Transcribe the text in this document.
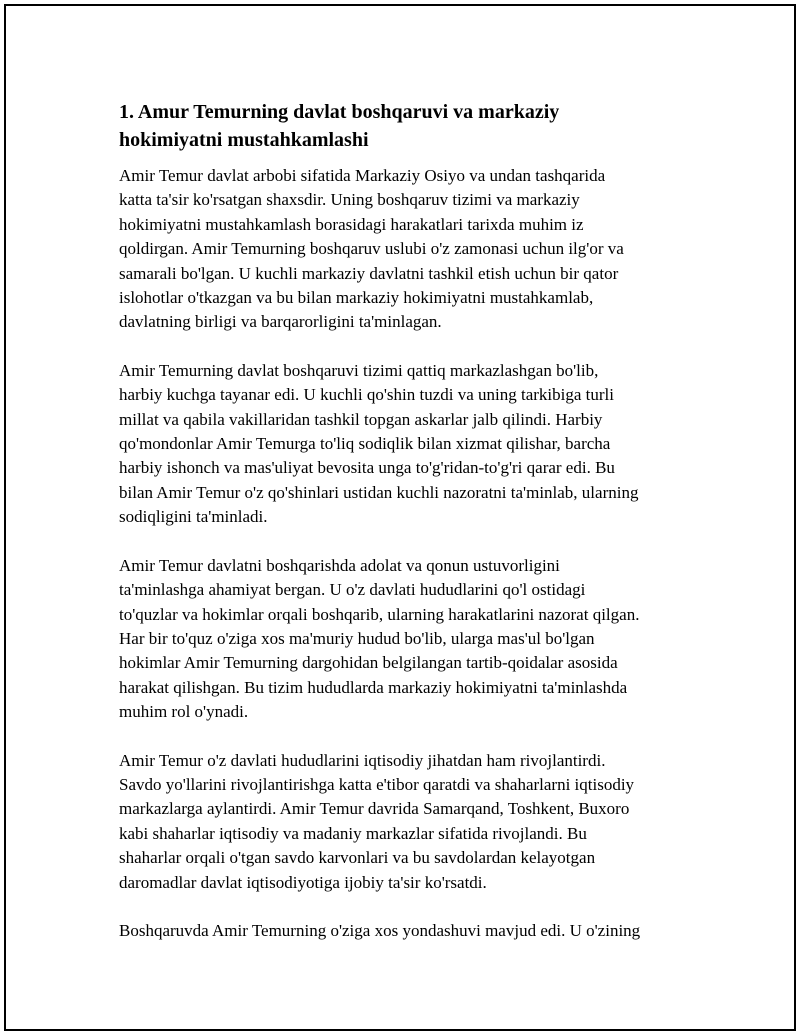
1. Amur Temurning davlat boshqaruvi va markaziy
hokimiyatni mustahkamlashi

Amir Temur davlat arbobi sifatida Markaziy Osiyo va undan tashqarida
katta ta'sir ko'rsatgan shaxsdir. Uning boshqaruv tizimi va markaziy
hokimiyatni mustahkamlash borasidagi harakatlari tarixda muhim iz
qoldirgan. Amir Temurning boshqaruv uslubi o'z zamonasi uchun ilg'or va
samarali bo'lgan. U kuchli markaziy davlatni tashkil etish uchun bir qator
islohotlar o'tkazgan va bu bilan markaziy hokimiyatni mustahkamlab,
davlatning birligi va barqarorligini ta'minlagan.

Amir Temurning davlat boshqaruvi tizimi qattiq markazlashgan bo'lib,
harbiy kuchga tayanar edi. U kuchli qo'shin tuzdi va uning tarkibiga turli
millat va qabila vakillaridan tashkil topgan askarlar jalb qilindi. Harbiy
qo'mondonlar Amir Temurga to'liq sodiqlik bilan xizmat qilishar, barcha
harbiy ishonch va mas'uliyat bevosita unga to'g'ridan-to'g'ri qarar edi. Bu
bilan Amir Temur o'z qo'shinlari ustidan kuchli nazoratni ta'minlab, ularning
sodiqligini ta'minladi.

Amir Temur davlatni boshqarishda adolat va qonun ustuvorligini
ta'minlashga ahamiyat bergan. U o'z davlati hududlarini qo'l ostidagi
to'quzlar va hokimlar orqali boshqarib, ularning harakatlarini nazorat qilgan.
Har bir to'quz o'ziga xos ma'muriy hudud bo'lib, ularga mas'ul bo'lgan
hokimlar Amir Temurning dargohidan belgilangan tartib-qoidalar asosida
harakat qilishgan. Bu tizim hududlarda markaziy hokimiyatni ta'minlashda
muhim rol o'ynadi.

Amir Temur o'z davlati hududlarini iqtisodiy jihatdan ham rivojlantirdi.
Savdo yo'llarini rivojlantirishga katta e'tibor qaratdi va shaharlarni iqtisodiy
markazlarga aylantirdi. Amir Temur davrida Samarqand, Toshkent, Buxoro
kabi shaharlar iqtisodiy va madaniy markazlar sifatida rivojlandi. Bu
shaharlar orqali o'tgan savdo karvonlari va bu savdolardan kelayotgan
daromadlar davlat iqtisodiyotiga ijobiy ta'sir ko'rsatdi.

Boshqaruvda Amir Temurning o'ziga xos yondashuvi mavjud edi. U o'zining
